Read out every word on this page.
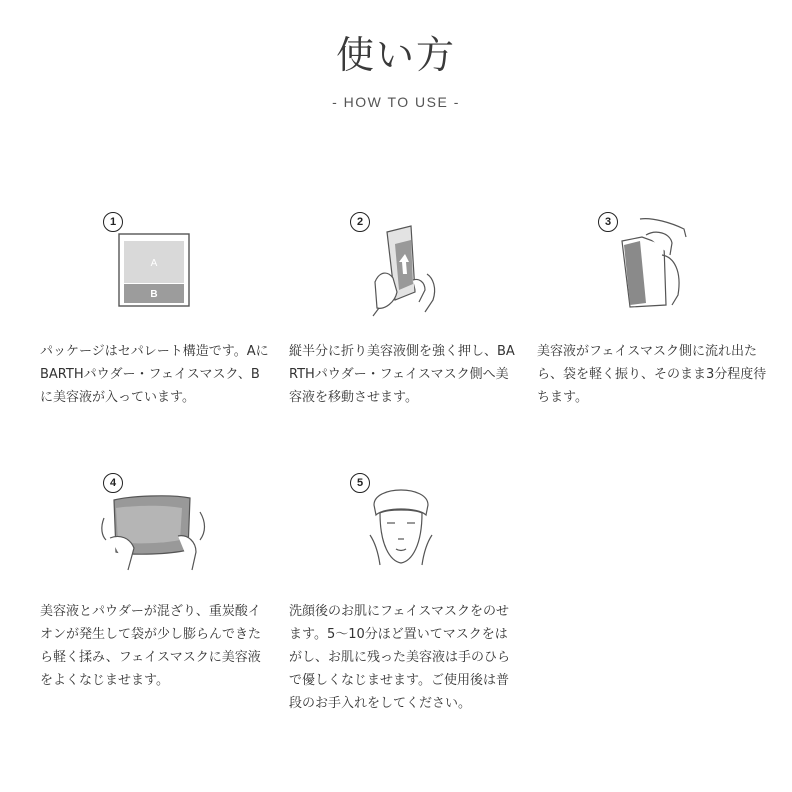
使い方
- HOW TO USE -
1
A
B
パッケージはセパレート構造です。AにBARTHパウダー・フェイスマスク、Bに美容液が入っています。
2
縦半分に折り美容液側を強く押し、BARTHパウダー・フェイスマスク側へ美容液を移動させます。
3
美容液がフェイスマスク側に流れ出たら、袋を軽く振り、そのまま3分程度待ちます。
4
美容液とパウダーが混ざり、重炭酸イオンが発生して袋が少し膨らんできたら軽く揉み、フェイスマスクに美容液をよくなじませます。
5
洗顔後のお肌にフェイスマスクをのせます。5〜10分ほど置いてマスクをはがし、お肌に残った美容液は手のひらで優しくなじませます。ご使用後は普段のお手入れをしてください。
